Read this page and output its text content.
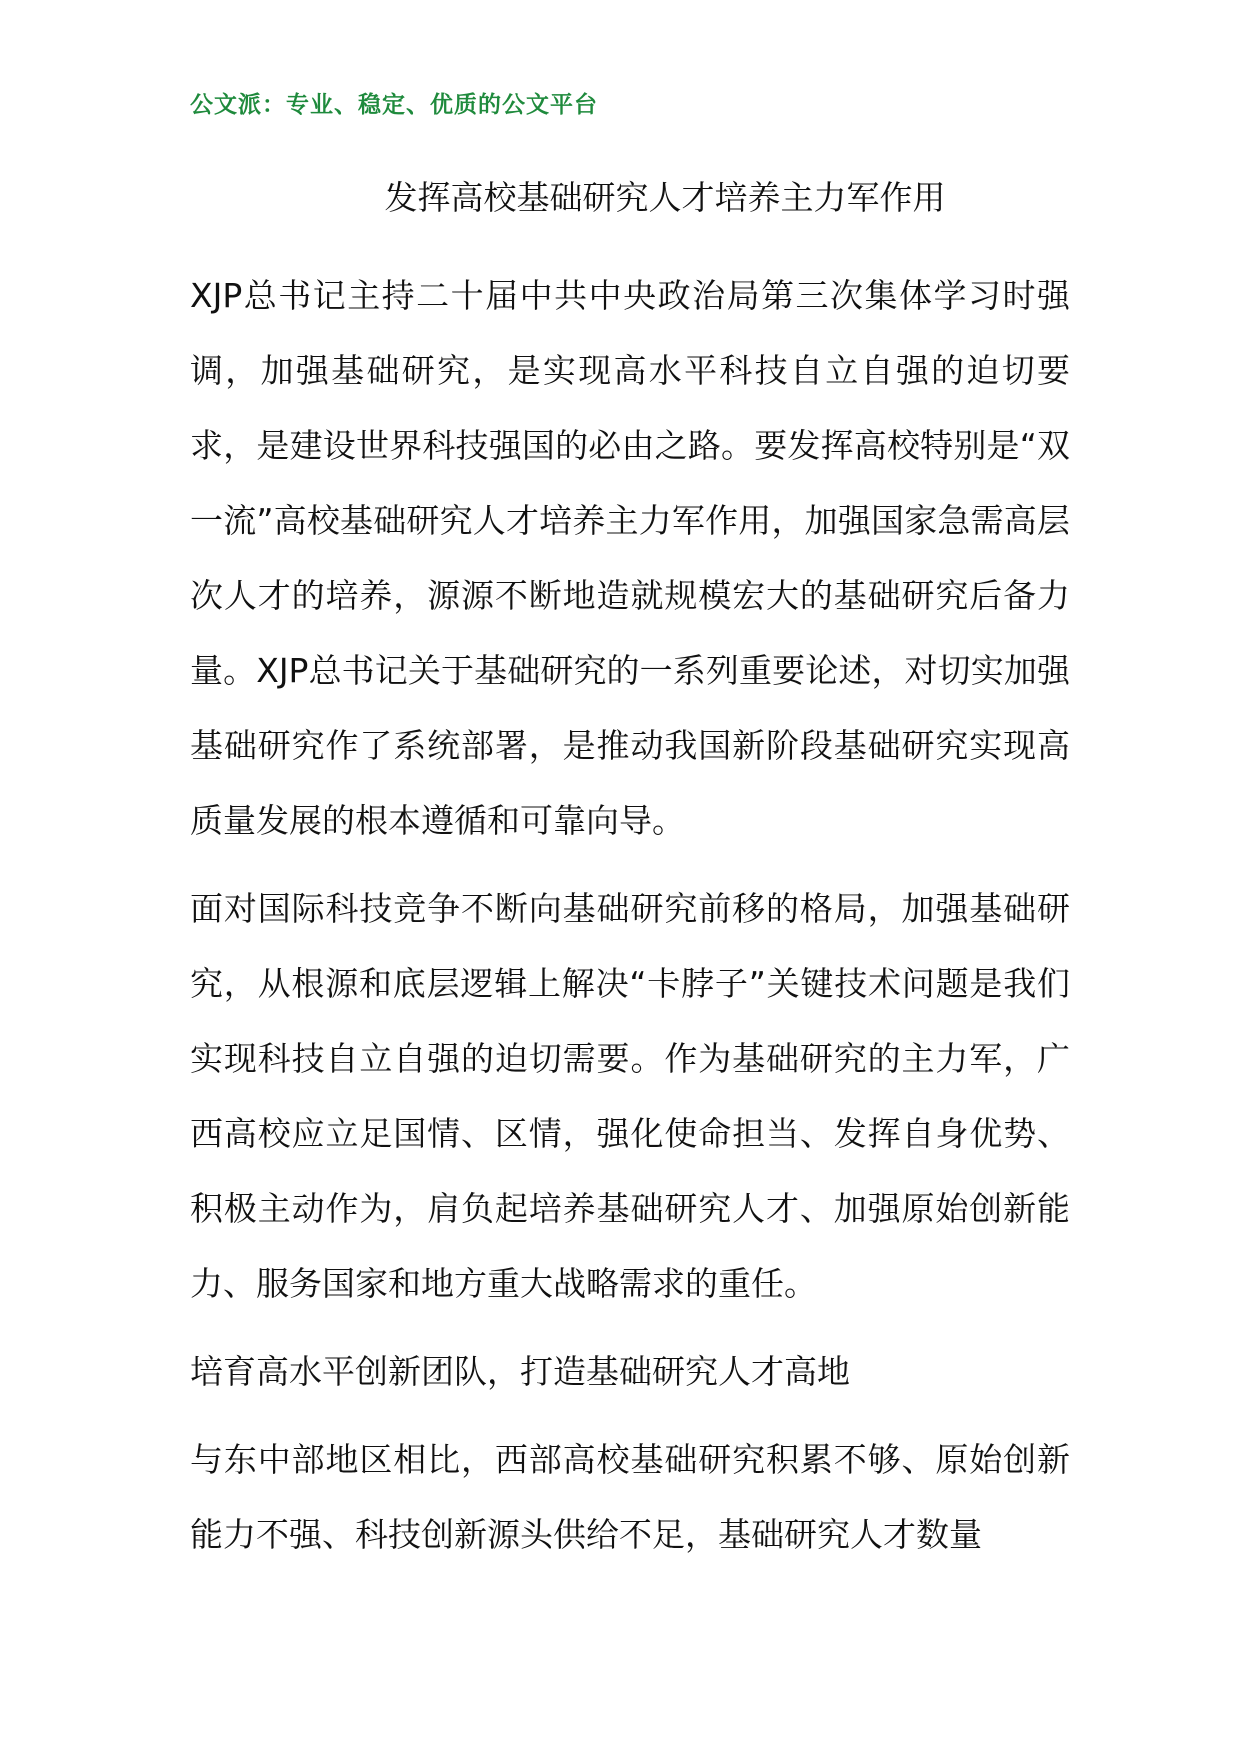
公文派：专业、稳定、优质的公文平台
发挥高校基础研究人才培养主力军作用

XJP总书记主持二十届中共中央政治局第三次集体学习时强调，加强基础研究，是实现高水平科技自立自强的迫切要求，是建设世界科技强国的必由之路。要发挥高校特别是“双一流”高校基础研究人才培养主力军作用，加强国家急需高层次人才的培养，源源不断地造就规模宏大的基础研究后备力量。XJP总书记关于基础研究的一系列重要论述，对切实加强基础研究作了系统部署，是推动我国新阶段基础研究实现高质量发展的根本遵循和可靠向导。

面对国际科技竞争不断向基础研究前移的格局，加强基础研究，从根源和底层逻辑上解决“卡脖子”关键技术问题是我们实现科技自立自强的迫切需要。作为基础研究的主力军，广西高校应立足国情、区情，强化使命担当、发挥自身优势、积极主动作为，肩负起培养基础研究人才、加强原始创新能力、服务国家和地方重大战略需求的重任。

培育高水平创新团队，打造基础研究人才高地

与东中部地区相比，西部高校基础研究积累不够、原始创新能力不强、科技创新源头供给不足，基础研究人才数量
